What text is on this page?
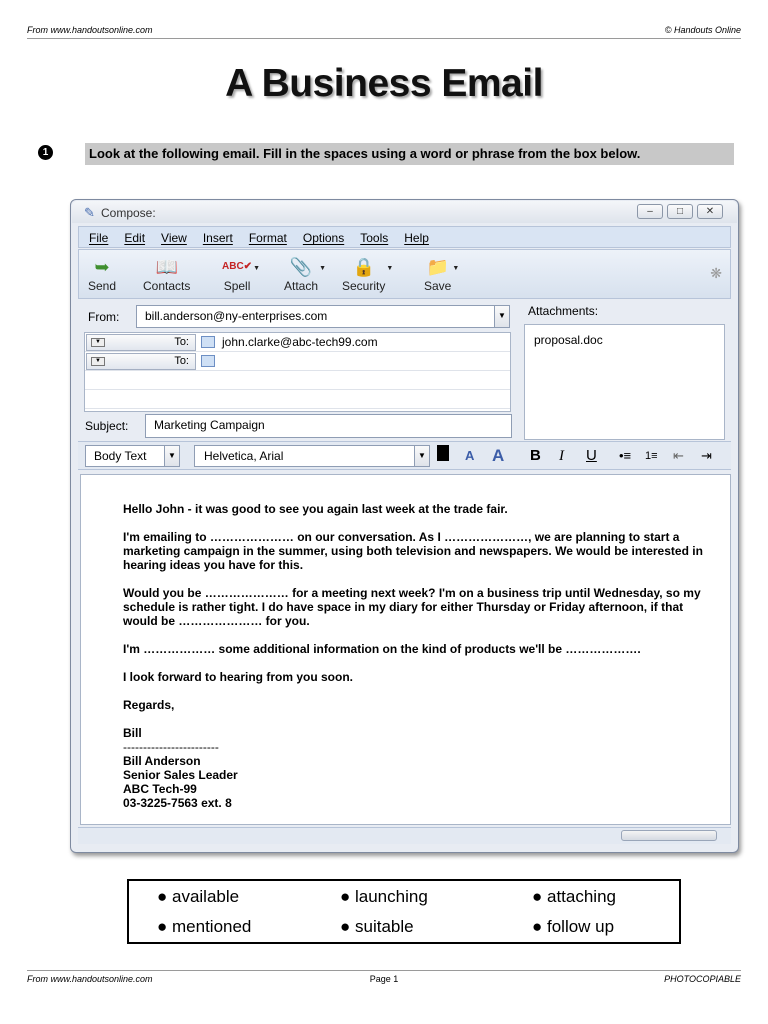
From www.handoutsonline.com	© Handouts Online
A Business Email
1	Look at the following email. Fill in the spaces using a word or phrase from the box below.
✎ Compose:	–	□	✕
File	Edit	View	Insert	Format	Options	Tools	Help
➥
Send
📖
Contacts
ABC✔
Spell
▼	📎
Attach
▼	🔒
Security
▼ 📁
Save
▼	❋
From:	bill.anderson@ny-enterprises.com	▼	Attachments:
proposal.doc
▼	To:	john.clarke@abc-tech99.com
▼	To:
Subject:	Marketing Campaign
Body Text	▼	Helvetica, Arial	▼	A A B I U •≡ 1≡ ⇤ ⇥

Hello John - it was good to see you again last week at the trade fair.

I'm emailing to ………………… on our conversation. As I …………………, we are planning to start a marketing campaign in the summer, using both television and newspapers. We would be interested in hearing ideas you have for this.

Would you be ………………… for a meeting next week? I'm on a business trip until Wednesday, so my schedule is rather tight. I do have space in my diary for either Thursday or Friday afternoon, if that would be ………………… for you.

I'm ……………… some additional information on the kind of products we'll be ……………….

I look forward to hearing from you soon.

Regards,

Bill

------------------------

Bill Anderson

Senior Sales Leader

ABC Tech-99

03-3225-7563 ext. 8

● available	● launching	● attaching
● mentioned	● suitable	● follow up
From www.handoutsonline.com	Page 1	PHOTOCOPIABLE
